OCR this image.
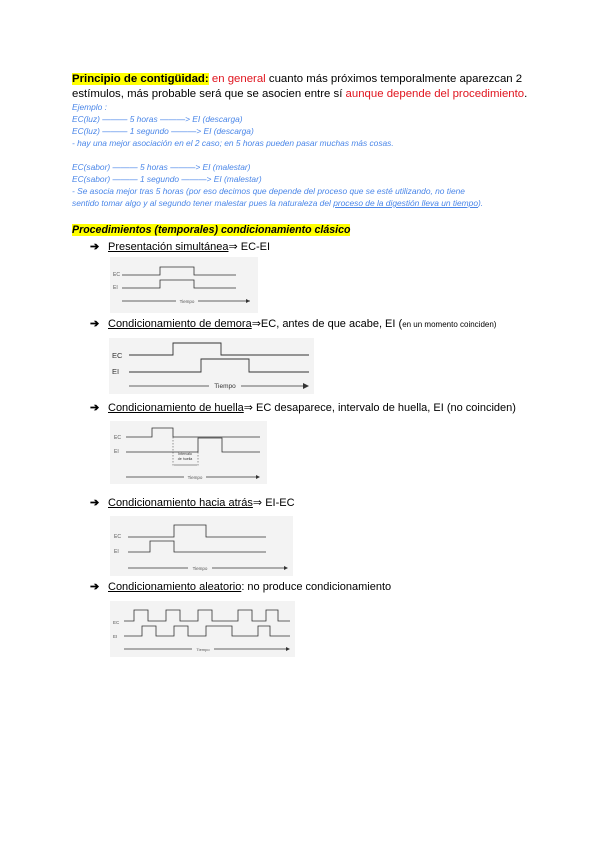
Principio de contigüidad: en general cuanto más próximos temporalmente aparezcan 2 estímulos, más probable será que se asocien entre sí aunque depende del procedimiento.
Ejemplo :
EC(luz) ——— 5 horas ———> EI (descarga)
EC(luz) ——— 1 segundo ———> EI (descarga)
- hay una mejor asociación en el 2 caso; en 5 horas pueden pasar muchas más cosas.
EC(sabor) ——— 5 horas ———> EI (malestar)
EC(sabor) ——— 1 segundo ———> EI (malestar)
- Se asocia mejor tras 5 horas (por eso decimos que depende del proceso que se esté utilizando, no tiene
sentido tomar algo y al segundo tener malestar pues la naturaleza del proceso de la digestión lleva un tiempo).
Procedimientos (temporales) condicionamiento clásico
➔ Presentación simultánea⇒ EC-EI
EC
EI
Tiempo
➔ Condicionamiento de demora⇒EC, antes de que acabe, EI (en un momento coinciden)
EC
EI
Tiempo
➔ Condicionamiento de huella⇒ EC desaparece, intervalo de huella, EI (no coinciden)
EC
EI	Intervalo
de huella
Tiempo
➔ Condicionamiento hacia atrás⇒ EI-EC
EC
EI
Tiempo
➔ Condicionamiento aleatorio: no produce condicionamiento
EC
EI
Tiempo
